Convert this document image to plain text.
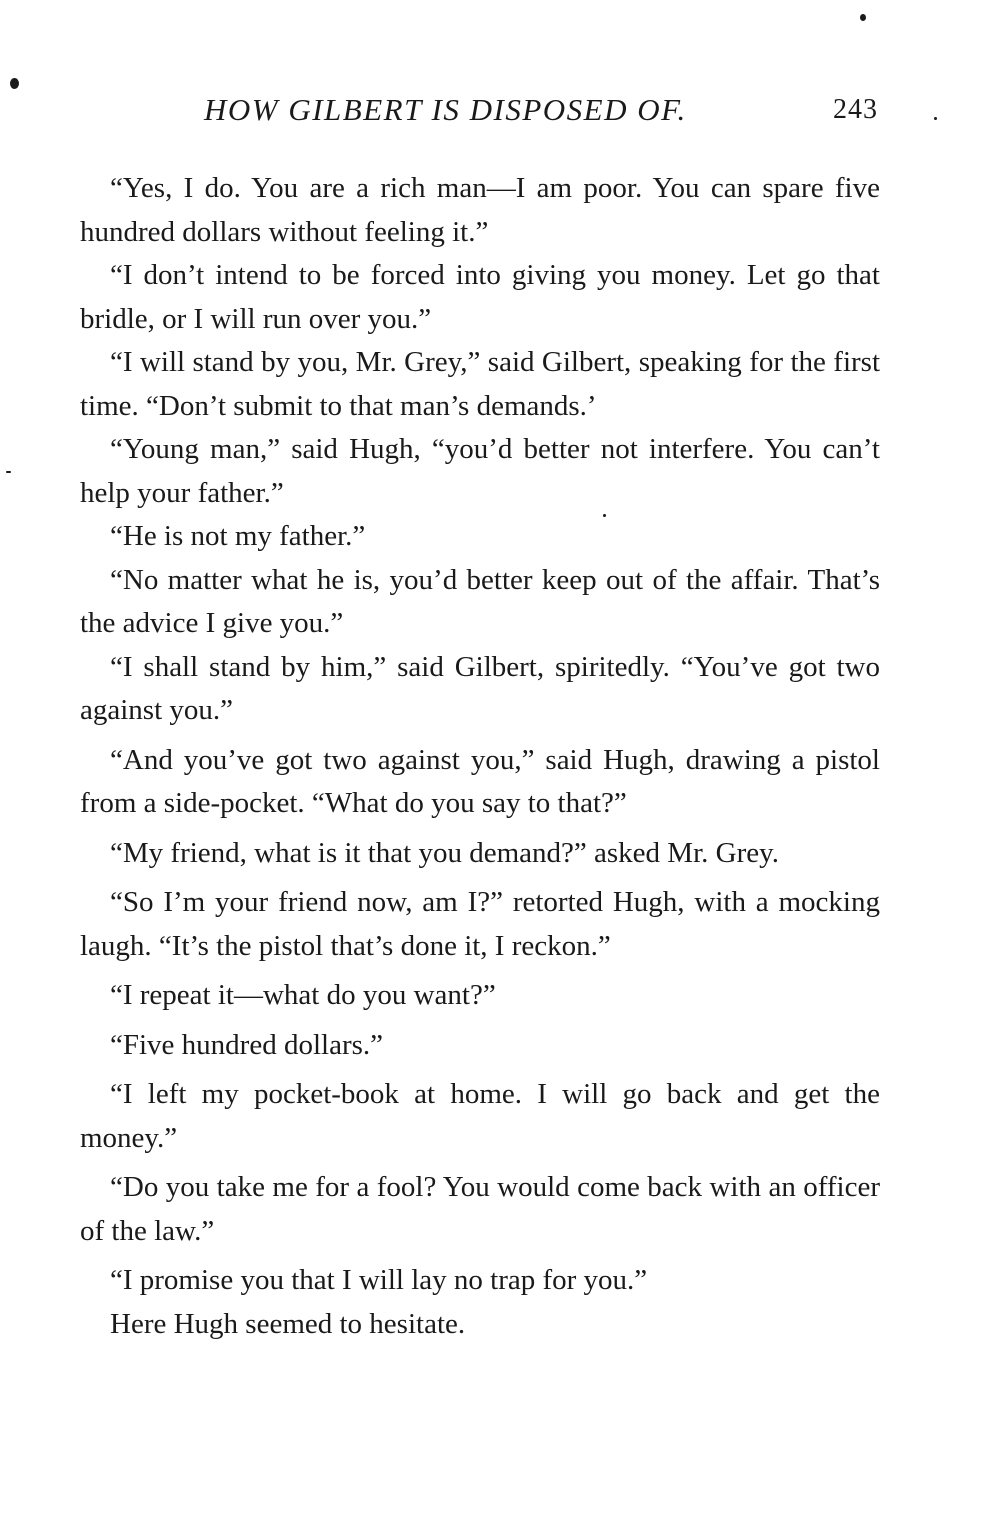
HOW GILBERT IS DISPOSED OF.	243

“Yes, I do. You are a rich man—I am poor. You can spare five hundred dollars without feeling it.”

“I don’t intend to be forced into giving you money. Let go that bridle, or I will run over you.”

“I will stand by you, Mr. Grey,” said Gilbert, speaking for the first time. “Don’t submit to that man’s demands.’

“Young man,” said Hugh, “you’d better not interfere. You can’t help your father.”

“He is not my father.”

“No matter what he is, you’d better keep out of the affair. That’s the advice I give you.”

“I shall stand by him,” said Gilbert, spiritedly. “You’ve got two against you.”

“And you’ve got two against you,” said Hugh, drawing a pistol from a side-pocket. “What do you say to that?”

“My friend, what is it that you demand?” asked Mr. Grey.

“So I’m your friend now, am I?” retorted Hugh, with a mocking laugh. “It’s the pistol that’s done it, I reckon.”

“I repeat it—what do you want?”

“Five hundred dollars.”

“I left my pocket-book at home. I will go back and get the money.”

“Do you take me for a fool? You would come back with an officer of the law.”

“I promise you that I will lay no trap for you.”

Here Hugh seemed to hesitate.
